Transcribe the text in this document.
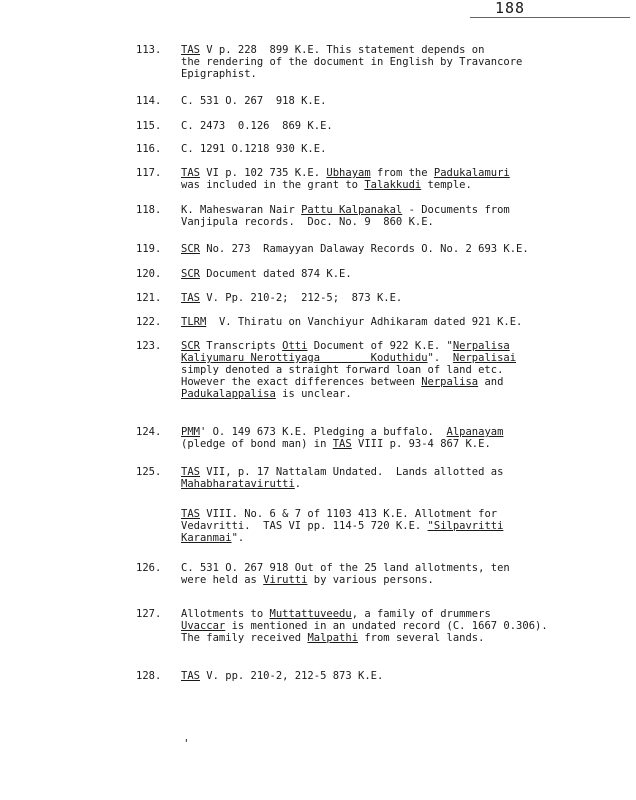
188
113. TAS V p. 228  899 K.E. This statement depends on
the rendering of the document in English by Travancore
Epigraphist.
114. C. 531 O. 267  918 K.E.
115. C. 2473  0.126  869 K.E.
116. C. 1291 O.1218 930 K.E.
117. TAS VI p. 102 735 K.E. Ubhayam from the Padukalamuri
was included in the grant to Talakkudi temple.
118. K. Maheswaran Nair Pattu Kalpanakal - Documents from
Vanjipula records.  Doc. No. 9  860 K.E.
119. SCR No. 273  Ramayyan Dalaway Records O. No. 2 693 K.E.
120. SCR Document dated 874 K.E.
121. TAS V. Pp. 210-2;  212-5;  873 K.E.
122. TLRM  V. Thiratu on Vanchiyur Adhikaram dated 921 K.E.
123. SCR Transcripts Otti Document of 922 K.E. "Nerpalisa
Kaliyumaru Nerottiyaga        Koduthidu".  Nerpalisai
simply denoted a straight forward loan of land etc.
However the exact differences between Nerpalisa and
Padukalappalisa is unclear.
124. PMM' O. 149 673 K.E. Pledging a buffalo.  Alpanayam
(pledge of bond man) in TAS VIII p. 93-4 867 K.E.
125. TAS VII, p. 17 Nattalam Undated.  Lands allotted as
Mahabharatavirutti.
TAS VIII. No. 6 & 7 of 1103 413 K.E. Allotment for
Vedavritti.  TAS VI pp. 114-5 720 K.E. "Silpavritti
Karanmai".
126. C. 531 O. 267 918 Out of the 25 land allotments, ten
were held as Virutti by various persons.
127. Allotments to Muttattuveedu, a family of drummers
Uvaccar is mentioned in an undated record (C. 1667 0.306).
The family received Malpathi from several lands.
128. TAS V. pp. 210-2, 212-5 873 K.E.
'
